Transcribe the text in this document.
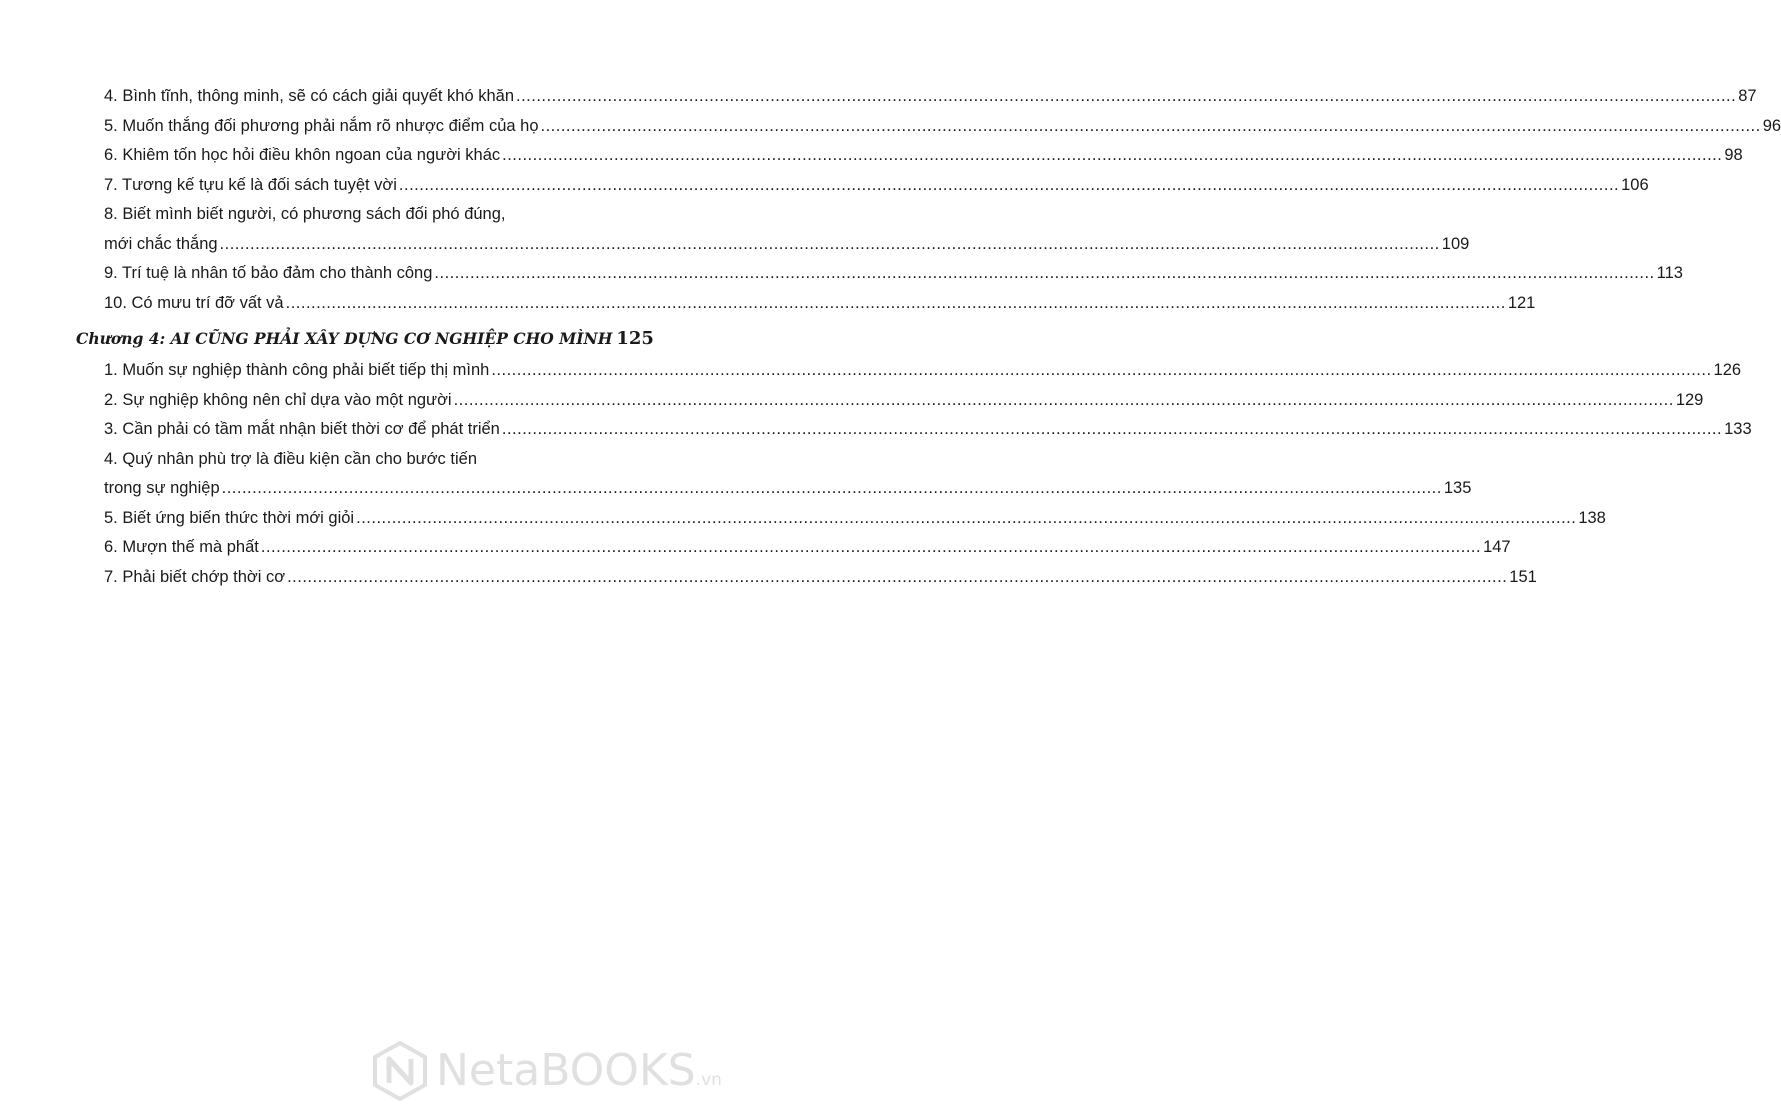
4. Bình tĩnh, thông minh, sẽ có cách giải quyết khó khăn .....	87
5. Muốn thắng đối phương phải nắm rõ nhược điểm của họ .....	96
6. Khiêm tốn học hỏi điều khôn ngoan của người khác .....	98
7. Tương kế tựu kế là đối sách tuyệt vời .....	106
8. Biết mình biết người, có phương sách đối phó đúng,
mới chắc thắng .....	109
9. Trí tuệ là nhân tố bảo đảm cho thành công .....	113
10. Có mưu trí đỡ vất vả .....	121
Chương 4: AI CŨNG PHẢI XÂY DỰNG CƠ NGHIỆP CHO MÌNH 125
1. Muốn sự nghiệp thành công phải biết tiếp thị mình .....	126
2. Sự nghiệp không nên chỉ dựa vào một người .....	129
3. Cần phải có tầm mắt nhận biết thời cơ để phát triển .....	133
4. Quý nhân phù trợ là điều kiện cần cho bước tiến
trong sự nghiệp .....	135
5. Biết ứng biến thức thời mới giỏi .....	138
6. Mượn thế mà phất .....	147
7. Phải biết chớp thời cơ .....	151
NetaBOOKS.vn
